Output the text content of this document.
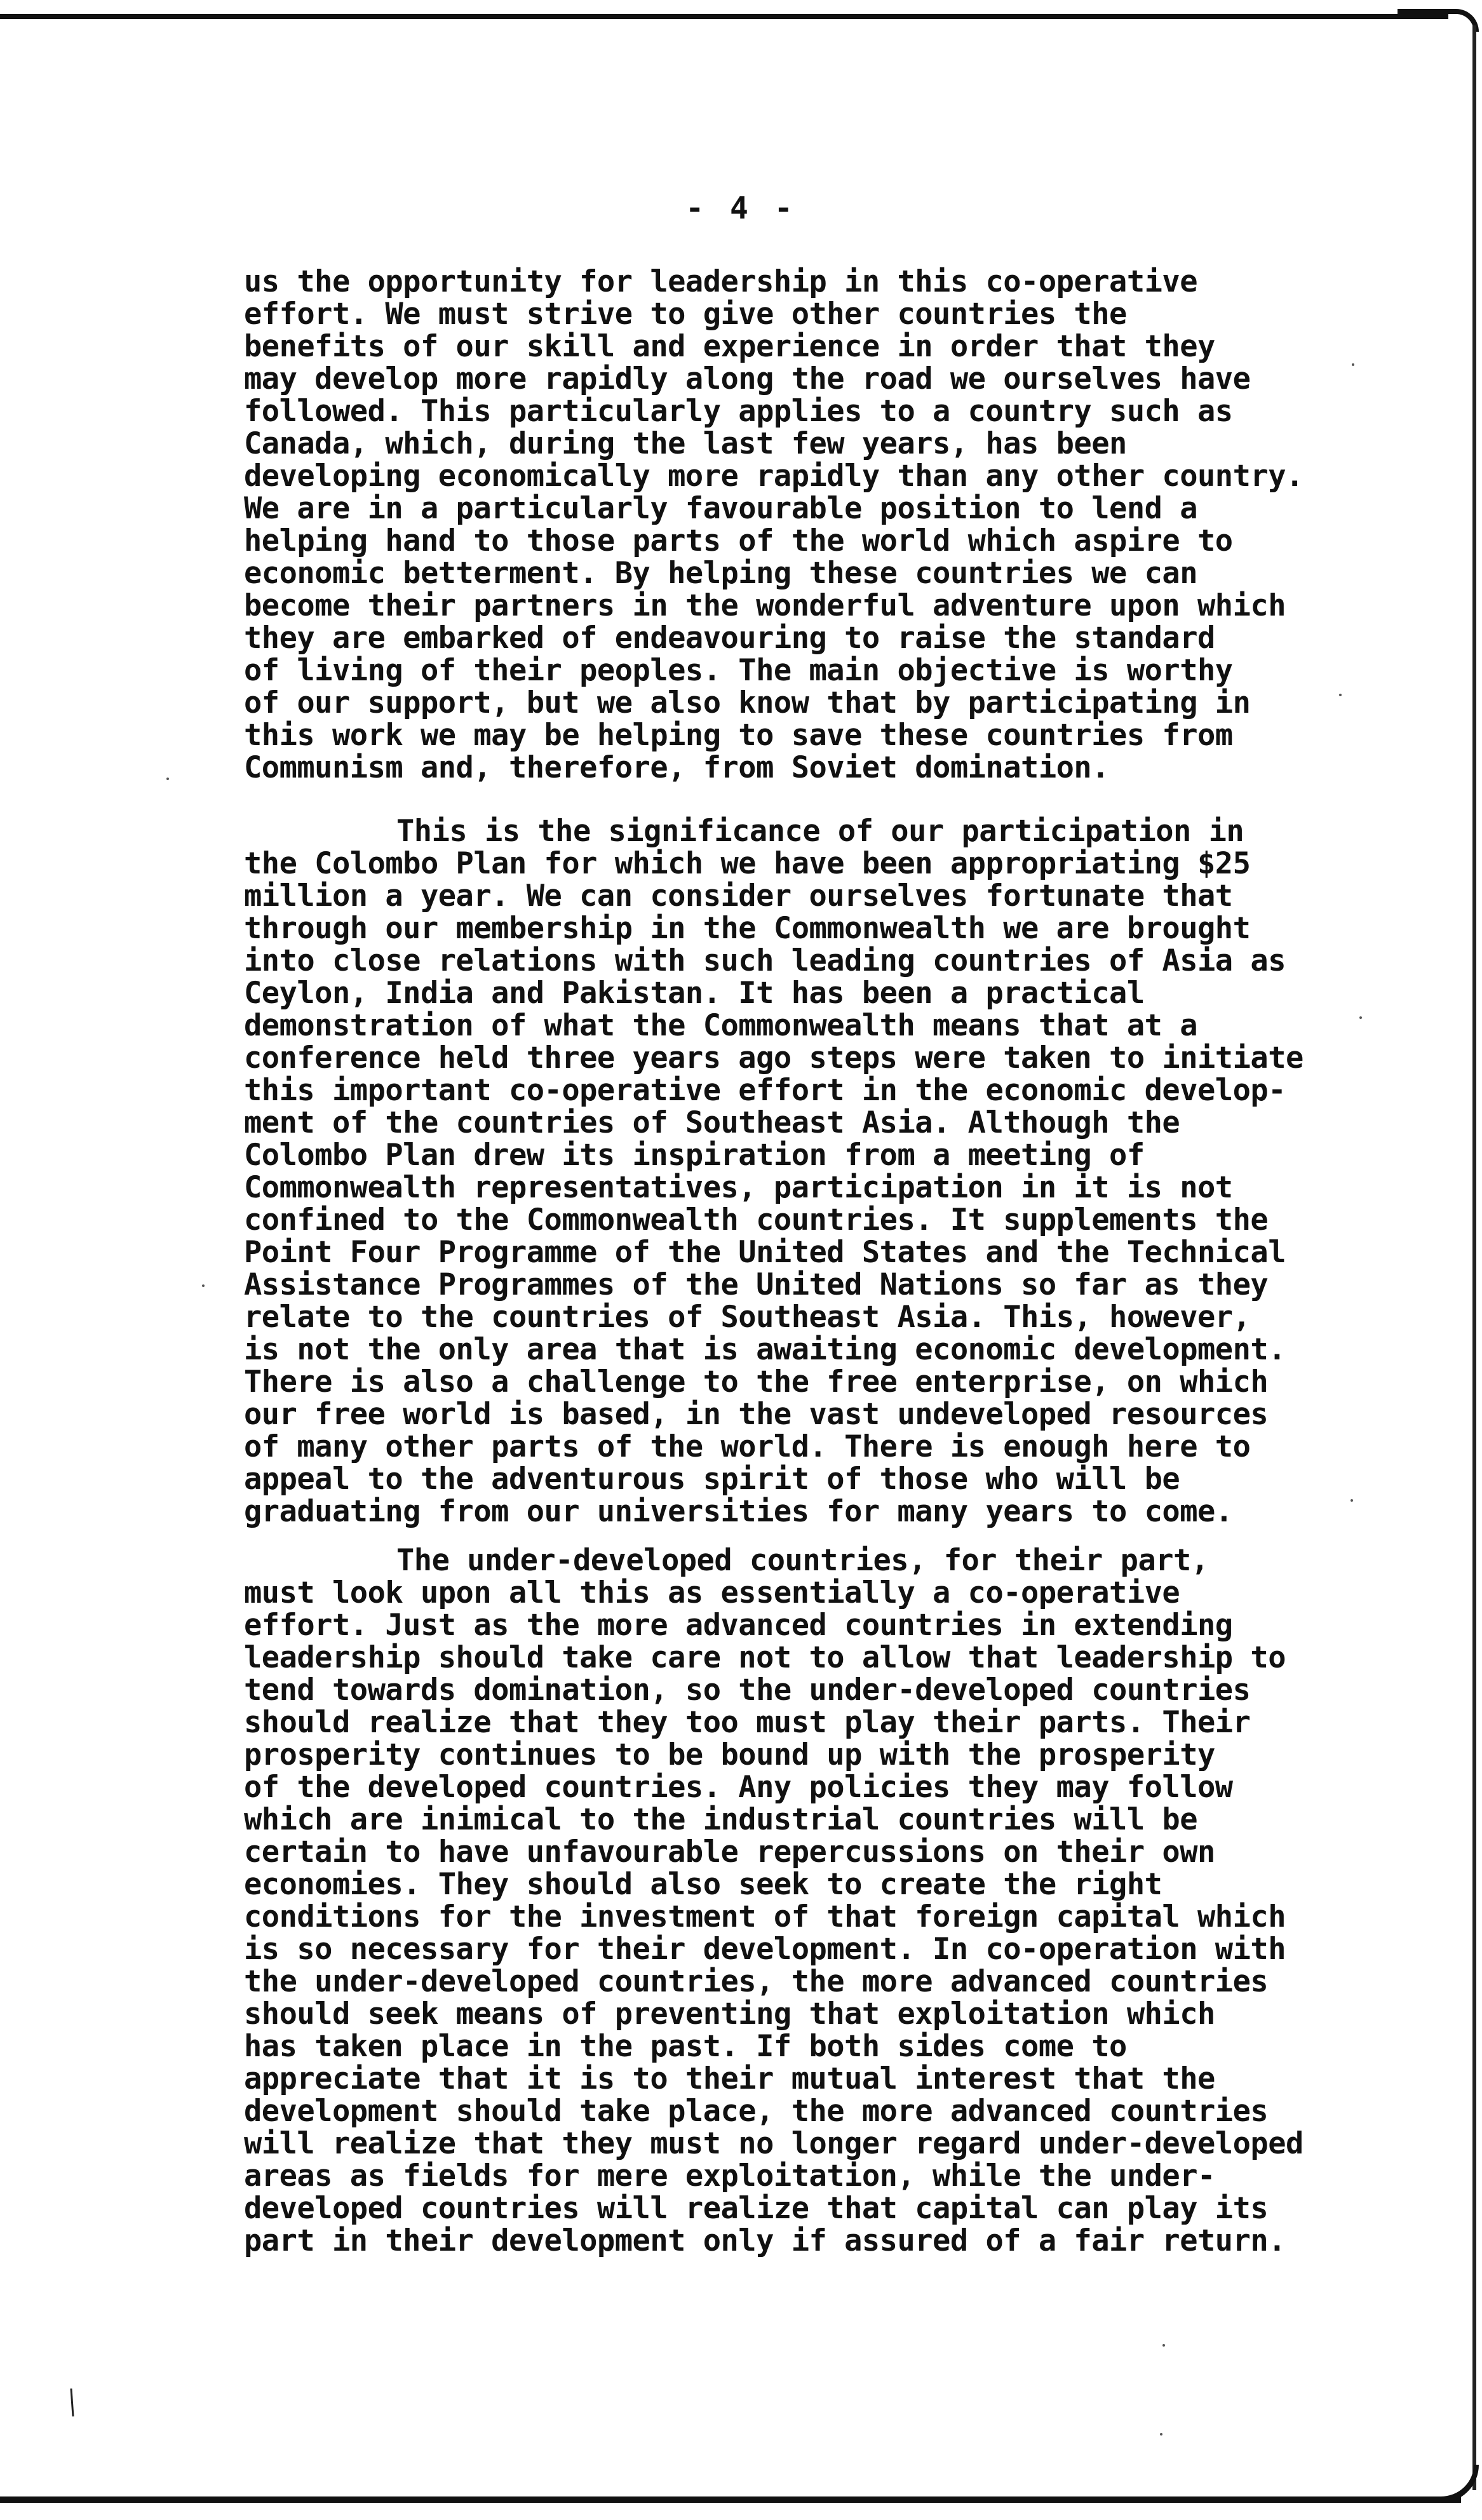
- 4 -
us the opportunity for leadership in this co-operative
effort. We must strive to give other countries the
benefits of our skill and experience in order that they
may develop more rapidly along the road we ourselves have
followed. This particularly applies to a country such as
Canada, which, during the last few years, has been
developing economically more rapidly than any other country.
We are in a particularly favourable position to lend a
helping hand to those parts of the world which aspire to
economic betterment. By helping these countries we can
become their partners in the wonderful adventure upon which
they are embarked of endeavouring to raise the standard
of living of their peoples. The main objective is worthy
of our support, but we also know that by participating in
this work we may be helping to save these countries from
Communism and, therefore, from Soviet domination.
This is the significance of our participation in
the Colombo Plan for which we have been appropriating $25
million a year. We can consider ourselves fortunate that
through our membership in the Commonwealth we are brought
into close relations with such leading countries of Asia as
Ceylon, India and Pakistan. It has been a practical
demonstration of what the Commonwealth means that at a
conference held three years ago steps were taken to initiate
this important co-operative effort in the economic develop-
ment of the countries of Southeast Asia. Although the
Colombo Plan drew its inspiration from a meeting of
Commonwealth representatives, participation in it is not
confined to the Commonwealth countries. It supplements the
Point Four Programme of the United States and the Technical
Assistance Programmes of the United Nations so far as they
relate to the countries of Southeast Asia. This, however,
is not the only area that is awaiting economic development.
There is also a challenge to the free enterprise, on which
our free world is based, in the vast undeveloped resources
of many other parts of the world. There is enough here to
appeal to the adventurous spirit of those who will be
graduating from our universities for many years to come.
The under-developed countries, for their part,
must look upon all this as essentially a co-operative
effort. Just as the more advanced countries in extending
leadership should take care not to allow that leadership to
tend towards domination, so the under-developed countries
should realize that they too must play their parts. Their
prosperity continues to be bound up with the prosperity
of the developed countries. Any policies they may follow
which are inimical to the industrial countries will be
certain to have unfavourable repercussions on their own
economies. They should also seek to create the right
conditions for the investment of that foreign capital which
is so necessary for their development. In co-operation with
the under-developed countries, the more advanced countries
should seek means of preventing that exploitation which
has taken place in the past. If both sides come to
appreciate that it is to their mutual interest that the
development should take place, the more advanced countries
will realize that they must no longer regard under-developed
areas as fields for mere exploitation, while the under-
developed countries will realize that capital can play its
part in their development only if assured of a fair return.
